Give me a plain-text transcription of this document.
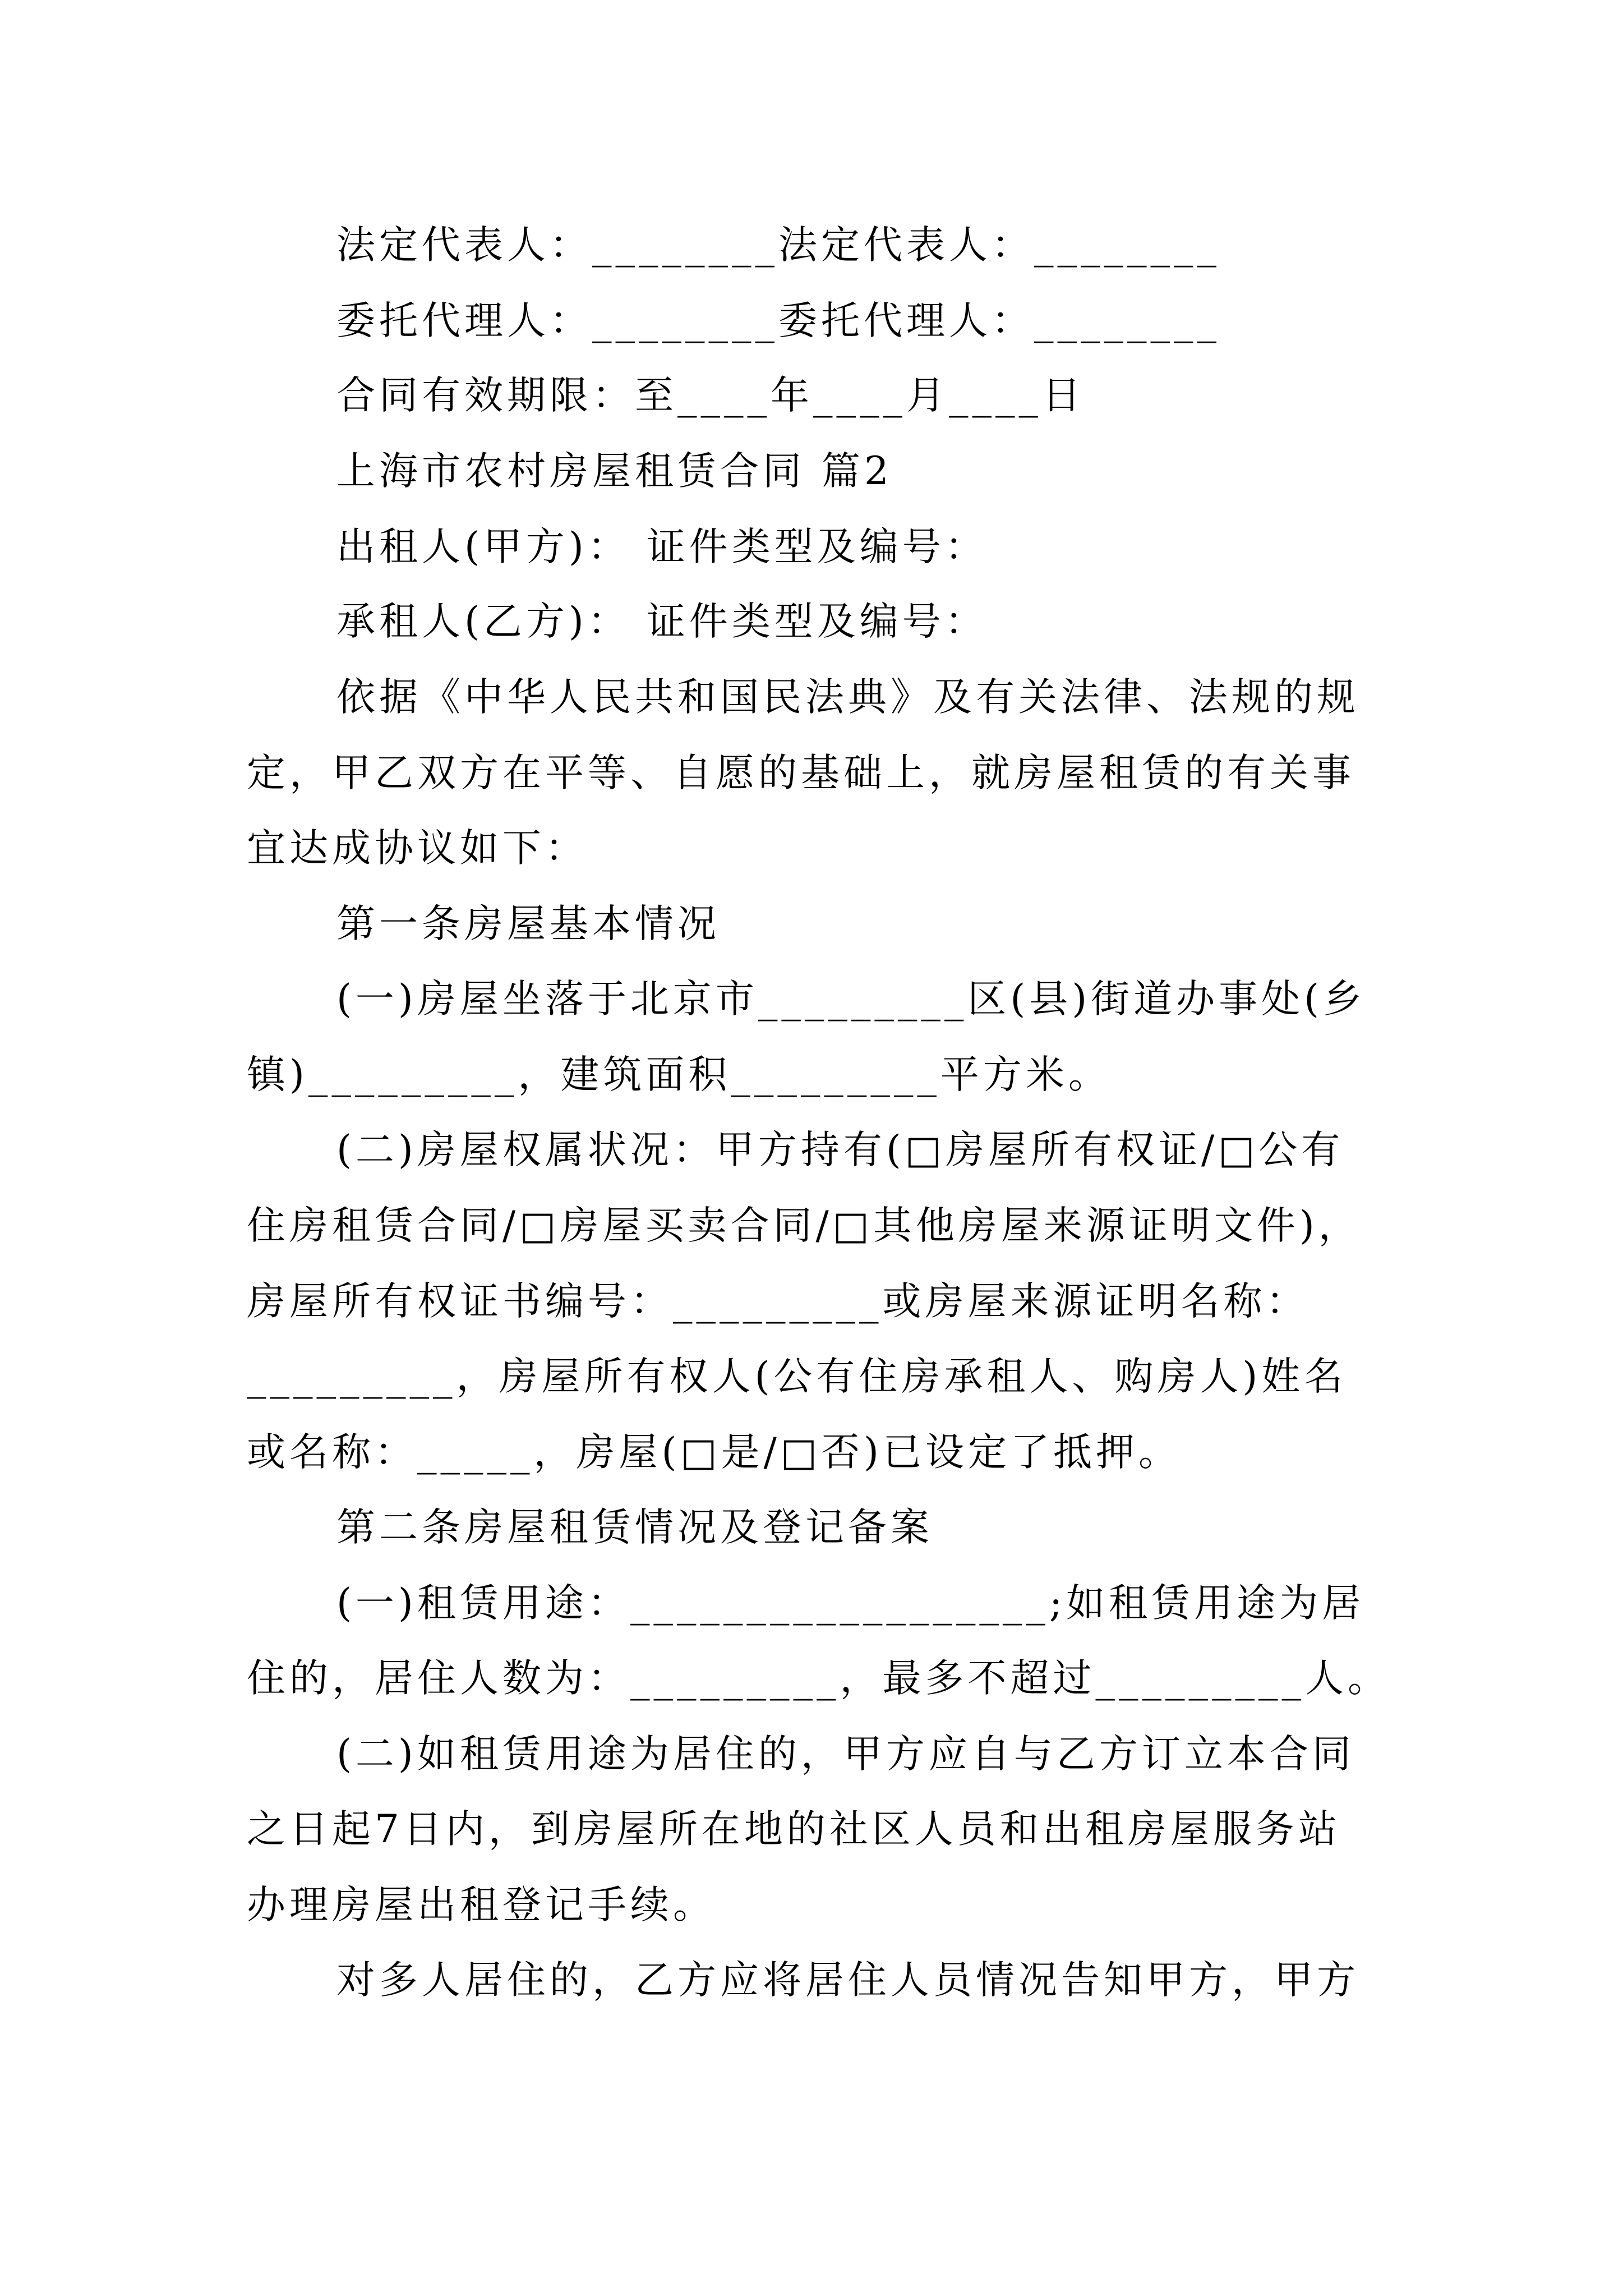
法定代表人：________法定代表人：________
委托代理人：________委托代理人：________
合同有效期限：至____年____月____日
上海市农村房屋租赁合同 篇2
出租人(甲方)： 证件类型及编号：
承租人(乙方)： 证件类型及编号：
依据《中华人民共和国民法典》及有关法律、法规的规
定，甲乙双方在平等、自愿的基础上，就房屋租赁的有关事
宜达成协议如下：
第一条房屋基本情况
(一)房屋坐落于北京市_________区(县)街道办事处(乡
镇)_________，建筑面积_________平方米。
(二)房屋权属状况：甲方持有(□房屋所有权证/□公有
住房租赁合同/□房屋买卖合同/□其他房屋来源证明文件)，
房屋所有权证书编号：_________或房屋来源证明名称：
_________，房屋所有权人(公有住房承租人、购房人)姓名
或名称：_____，房屋(□是/□否)已设定了抵押。
第二条房屋租赁情况及登记备案
(一)租赁用途：__________________;如租赁用途为居
住的，居住人数为：_________，最多不超过_________人。
(二)如租赁用途为居住的，甲方应自与乙方订立本合同
之日起7日内，到房屋所在地的社区人员和出租房屋服务站
办理房屋出租登记手续。
对多人居住的，乙方应将居住人员情况告知甲方，甲方
